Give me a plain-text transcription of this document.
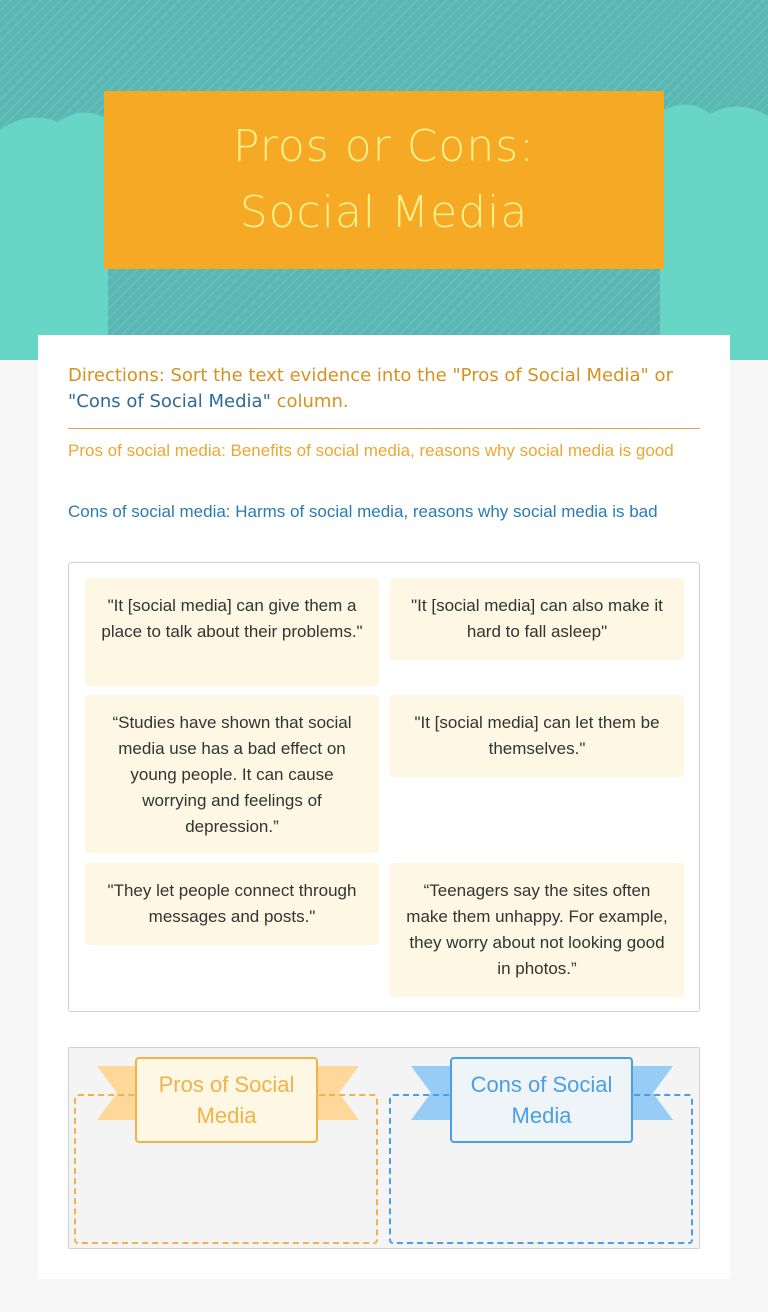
Pros or Cons:
Social Media
Directions: Sort the text evidence into the "Pros of Social Media" or "Cons of Social Media" column.
Pros of social media: Benefits of social media, reasons why social media is good
Cons of social media: Harms of social media, reasons why social media is bad
"It [social media] can give them a place to talk about their problems."
"It [social media] can also make it hard to fall asleep"
“Studies have shown that social media use has a bad effect on young people. It can cause worrying and feelings of depression.”
"It [social media] can let them be themselves."
"They let people connect through messages and posts."
“Teenagers say the sites often make them unhappy. For example, they worry about not looking good in photos.”
Pros of Social Media
Cons of Social Media
